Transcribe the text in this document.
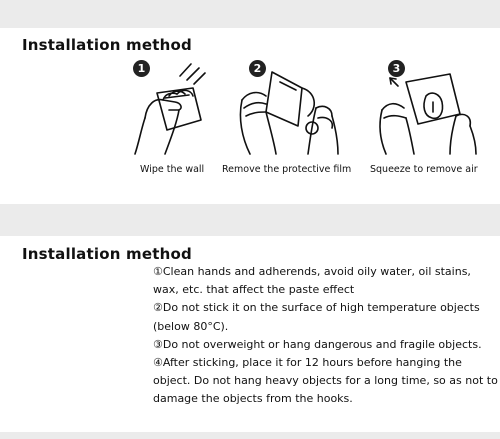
Installation method
1	2	3
Wipe the wall Remove the protective film Squeeze to remove air
Installation method

①Clean hands and adherends, avoid oily water, oil stains, wax, etc. that affect the paste effect

②Do not stick it on the surface of high temperature objects (below 80°C).

③Do not overweight or hang dangerous and fragile objects.

④After sticking, place it for 12 hours before hanging the object. Do not hang heavy objects for a long time, so as not to damage the objects from the hooks.
